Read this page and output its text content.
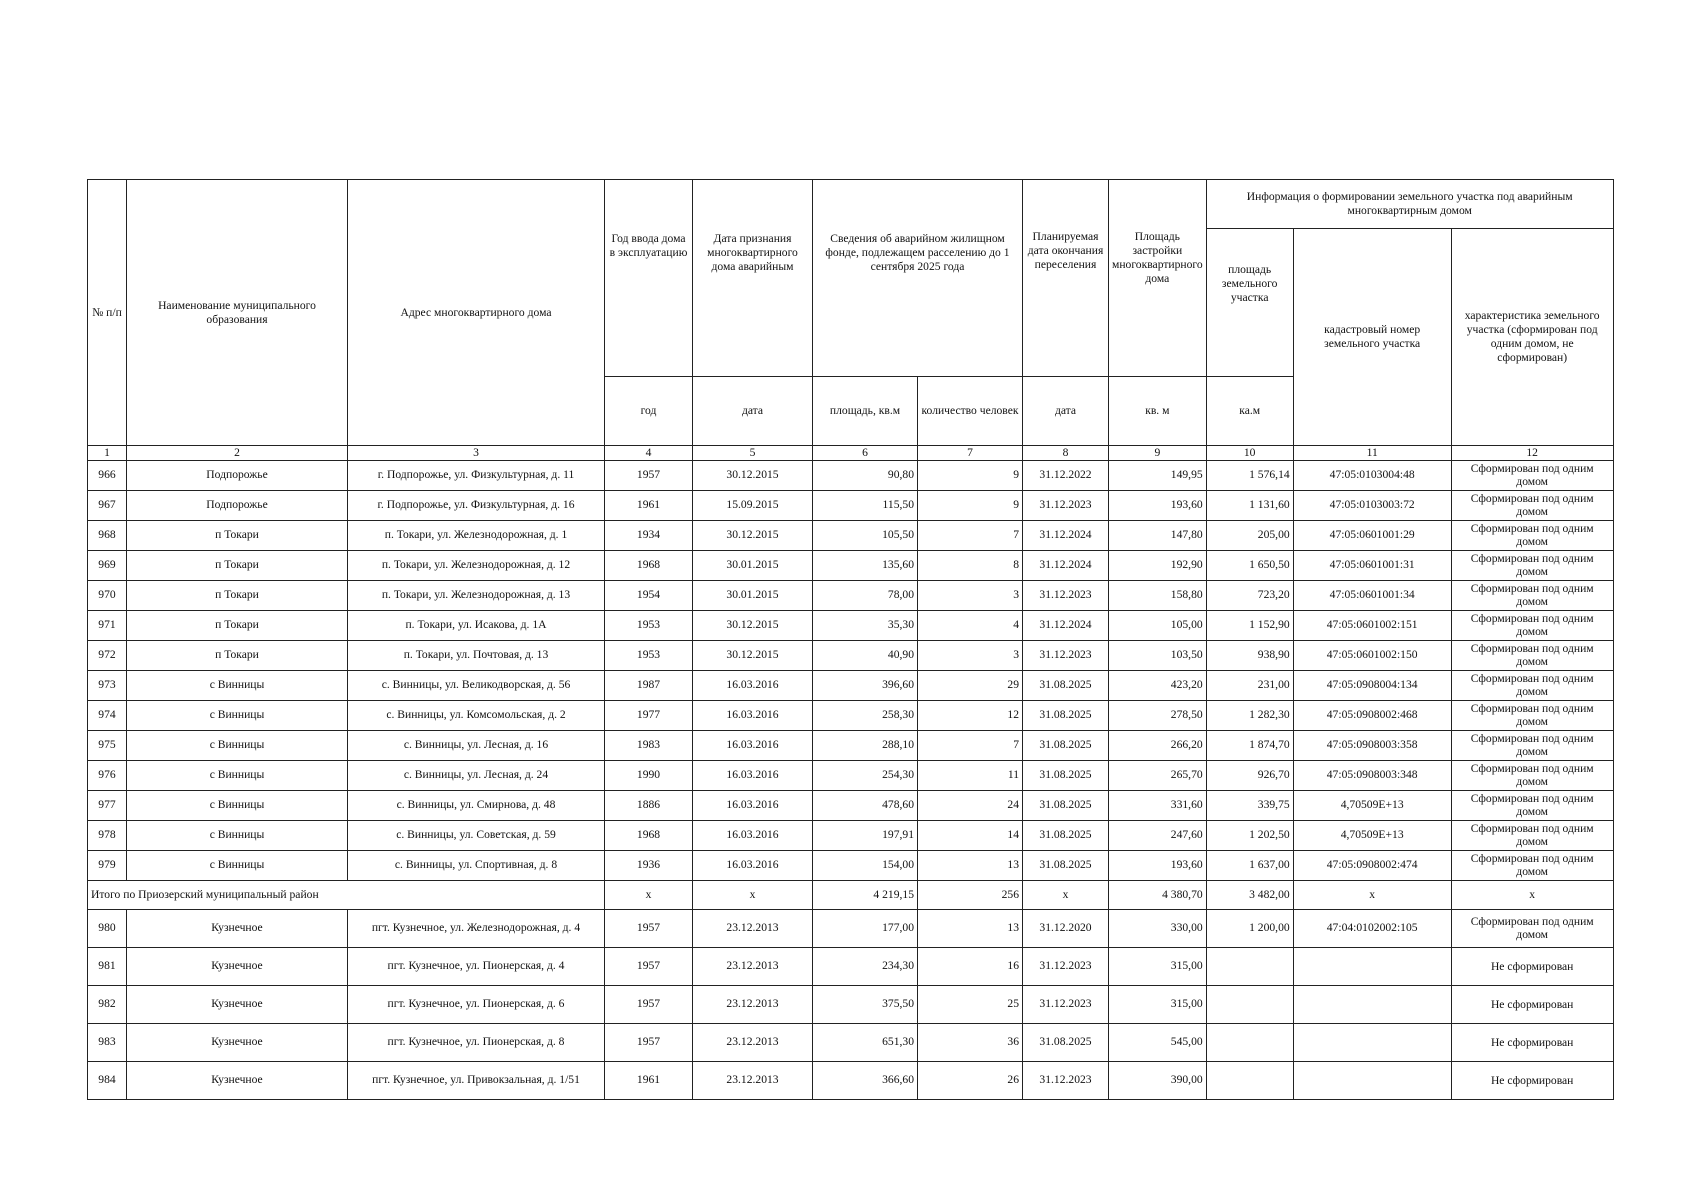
№ п/п	Наименование муниципального образования	Адрес многоквартирного дома	Год ввода дома в эксплуатацию	Дата признания многоквартирного дома аварийным	Сведения об аварийном жилищном фонде, подлежащем расселению до 1 сентября 2025 года		Планируемая дата окончания переселения	Площадь застройки многоквартирного дома	Информация о формировании земельного участка под аварийным многоквартирным домом		
									площадь земельного участка	кадастровый номер земельного участка	характеристика земельного участка (сформирован под одним домом, не сформирован)
			год	дата	площадь, кв.м	количество человек	дата	кв. м	ка.м		
1	2	3	4	5	6	7	8	9	10	11	12
966	Подпорожье	г. Подпорожье, ул. Физкультурная, д. 11	1957	30.12.2015	90,80	9	31.12.2022	149,95	1 576,14	47:05:0103004:48	Сформирован под одним домом
967	Подпорожье	г. Подпорожье, ул. Физкультурная, д. 16	1961	15.09.2015	115,50	9	31.12.2023	193,60	1 131,60	47:05:0103003:72	Сформирован под одним домом
968	п Токари	п. Токари, ул. Железнодорожная, д. 1	1934	30.12.2015	105,50	7	31.12.2024	147,80	205,00	47:05:0601001:29	Сформирован под одним домом
969	п Токари	п. Токари, ул. Железнодорожная, д. 12	1968	30.01.2015	135,60	8	31.12.2024	192,90	1 650,50	47:05:0601001:31	Сформирован под одним домом
970	п Токари	п. Токари, ул. Железнодорожная, д. 13	1954	30.01.2015	78,00	3	31.12.2023	158,80	723,20	47:05:0601001:34	Сформирован под одним домом
971	п Токари	п. Токари, ул. Исакова, д. 1А	1953	30.12.2015	35,30	4	31.12.2024	105,00	1 152,90	47:05:0601002:151	Сформирован под одним домом
972	п Токари	п. Токари, ул. Почтовая, д. 13	1953	30.12.2015	40,90	3	31.12.2023	103,50	938,90	47:05:0601002:150	Сформирован под одним домом
973	с Винницы	с. Винницы, ул. Великодворская, д. 56	1987	16.03.2016	396,60	29	31.08.2025	423,20	231,00	47:05:0908004:134	Сформирован под одним домом
974	с Винницы	с. Винницы, ул. Комсомольская, д. 2	1977	16.03.2016	258,30	12	31.08.2025	278,50	1 282,30	47:05:0908002:468	Сформирован под одним домом
975	с Винницы	с. Винницы, ул. Лесная, д. 16	1983	16.03.2016	288,10	7	31.08.2025	266,20	1 874,70	47:05:0908003:358	Сформирован под одним домом
976	с Винницы	с. Винницы, ул. Лесная, д. 24	1990	16.03.2016	254,30	11	31.08.2025	265,70	926,70	47:05:0908003:348	Сформирован под одним домом
977	с Винницы	с. Винницы, ул. Смирнова, д. 48	1886	16.03.2016	478,60	24	31.08.2025	331,60	339,75	4,70509E+13	Сформирован под одним домом
978	с Винницы	с. Винницы, ул. Советская, д. 59	1968	16.03.2016	197,91	14	31.08.2025	247,60	1 202,50	4,70509E+13	Сформирован под одним домом
979	с Винницы	с. Винницы, ул. Спортивная, д. 8	1936	16.03.2016	154,00	13	31.08.2025	193,60	1 637,00	47:05:0908002:474	Сформирован под одним домом
Итого по Приозерский муниципальный район			x	x	4 219,15	256	x	4 380,70	3 482,00	x	x
980	Кузнечное	пгт. Кузнечное, ул. Железнодорожная, д. 4	1957	23.12.2013	177,00	13	31.12.2020	330,00	1 200,00	47:04:0102002:105	Сформирован под одним домом
981	Кузнечное	пгт. Кузнечное, ул. Пионерская, д. 4	1957	23.12.2013	234,30	16	31.12.2023	315,00			Не сформирован
982	Кузнечное	пгт. Кузнечное, ул. Пионерская, д. 6	1957	23.12.2013	375,50	25	31.12.2023	315,00			Не сформирован
983	Кузнечное	пгт. Кузнечное, ул. Пионерская, д. 8	1957	23.12.2013	651,30	36	31.08.2025	545,00			Не сформирован
984	Кузнечное	пгт. Кузнечное, ул. Привокзальная, д. 1/51	1961	23.12.2013	366,60	26	31.12.2023	390,00			Не сформирован
